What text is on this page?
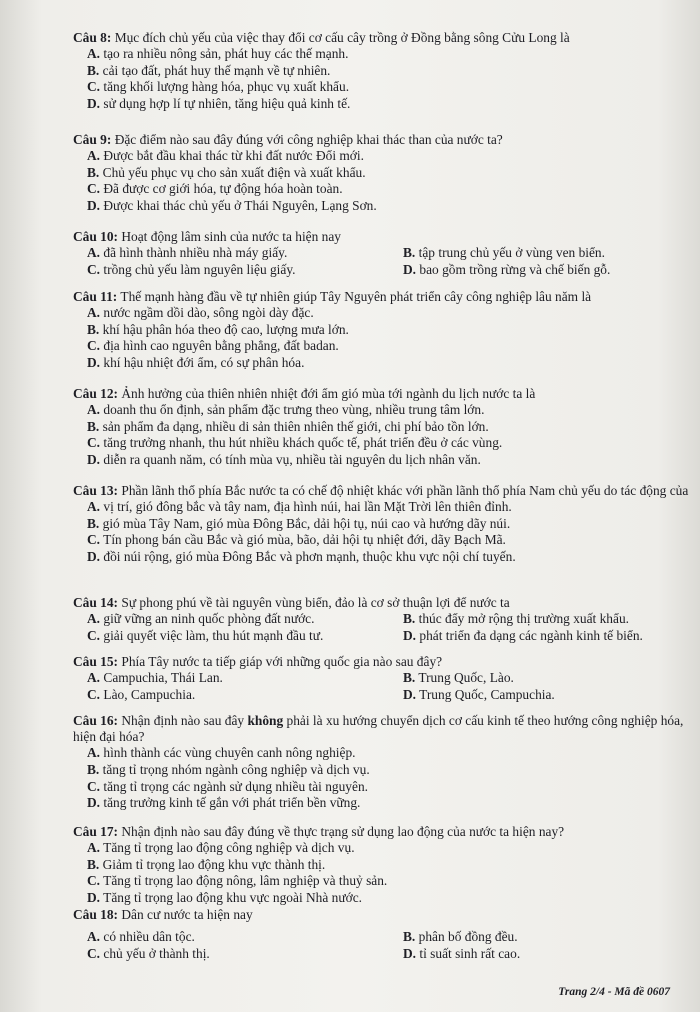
Câu 8: Mục đích chủ yếu của việc thay đổi cơ cấu cây trồng ở Đồng bằng sông Cửu Long là
A. tạo ra nhiều nông sản, phát huy các thế mạnh.
B. cải tạo đất, phát huy thế mạnh về tự nhiên.
C. tăng khối lượng hàng hóa, phục vụ xuất khẩu.
D. sử dụng hợp lí tự nhiên, tăng hiệu quả kinh tế.
Câu 9: Đặc điểm nào sau đây đúng với công nghiệp khai thác than của nước ta?
A. Được bắt đầu khai thác từ khi đất nước Đổi mới.
B. Chủ yếu phục vụ cho sản xuất điện và xuất khẩu.
C. Đã được cơ giới hóa, tự động hóa hoàn toàn.
D. Được khai thác chủ yếu ở Thái Nguyên, Lạng Sơn.
Câu 10: Hoạt động lâm sinh của nước ta hiện nay
A. đã hình thành nhiều nhà máy giấy.	B. tập trung chủ yếu ở vùng ven biển.
C. trồng chủ yếu làm nguyên liệu giấy.	D. bao gồm trồng rừng và chế biến gỗ.
Câu 11: Thế mạnh hàng đầu về tự nhiên giúp Tây Nguyên phát triển cây công nghiệp lâu năm là
A. nước ngầm dồi dào, sông ngòi dày đặc.
B. khí hậu phân hóa theo độ cao, lượng mưa lớn.
C. địa hình cao nguyên bằng phẳng, đất badan.
D. khí hậu nhiệt đới ẩm, có sự phân hóa.
Câu 12: Ảnh hưởng của thiên nhiên nhiệt đới ẩm gió mùa tới ngành du lịch nước ta là
A. doanh thu ổn định, sản phẩm đặc trưng theo vùng, nhiều trung tâm lớn.
B. sản phẩm đa dạng, nhiều di sản thiên nhiên thế giới, chi phí bảo tồn lớn.
C. tăng trưởng nhanh, thu hút nhiều khách quốc tế, phát triển đều ở các vùng.
D. diễn ra quanh năm, có tính mùa vụ, nhiều tài nguyên du lịch nhân văn.
Câu 13: Phần lãnh thổ phía Bắc nước ta có chế độ nhiệt khác với phần lãnh thổ phía Nam chủ yếu do tác động của
A. vị trí, gió đông bắc và tây nam, địa hình núi, hai lần Mặt Trời lên thiên đỉnh.
B. gió mùa Tây Nam, gió mùa Đông Bắc, dải hội tụ, núi cao và hướng dãy núi.
C. Tín phong bán cầu Bắc và gió mùa, bão, dải hội tụ nhiệt đới, dãy Bạch Mã.
D. đồi núi rộng, gió mùa Đông Bắc và phơn mạnh, thuộc khu vực nội chí tuyến.
Câu 14: Sự phong phú về tài nguyên vùng biển, đảo là cơ sở thuận lợi để nước ta
A. giữ vững an ninh quốc phòng đất nước.	B. thúc đẩy mở rộng thị trường xuất khẩu.
C. giải quyết việc làm, thu hút mạnh đầu tư.	D. phát triển đa dạng các ngành kinh tế biển.
Câu 15: Phía Tây nước ta tiếp giáp với những quốc gia nào sau đây?
A. Campuchia, Thái Lan.	B. Trung Quốc, Lào.
C. Lào, Campuchia.	D. Trung Quốc, Campuchia.
Câu 16: Nhận định nào sau đây không phải là xu hướng chuyển dịch cơ cấu kinh tế theo hướng công nghiệp hóa, hiện đại hóa?
A. hình thành các vùng chuyên canh nông nghiệp.
B. tăng tỉ trọng nhóm ngành công nghiệp và dịch vụ.
C. tăng tỉ trọng các ngành sử dụng nhiều tài nguyên.
D. tăng trưởng kinh tế gắn với phát triển bền vững.
Câu 17: Nhận định nào sau đây đúng về thực trạng sử dụng lao động của nước ta hiện nay?
A. Tăng tỉ trọng lao động công nghiệp và dịch vụ.
B. Giảm tỉ trọng lao động khu vực thành thị.
C. Tăng tỉ trọng lao động nông, lâm nghiệp và thuỷ sản.
D. Tăng tỉ trọng lao động khu vực ngoài Nhà nước.
Câu 18: Dân cư nước ta hiện nay
A. có nhiều dân tộc.	B. phân bố đồng đều.
C. chủ yếu ở thành thị.	D. tỉ suất sinh rất cao.
Trang 2/4 - Mã đề 0607
